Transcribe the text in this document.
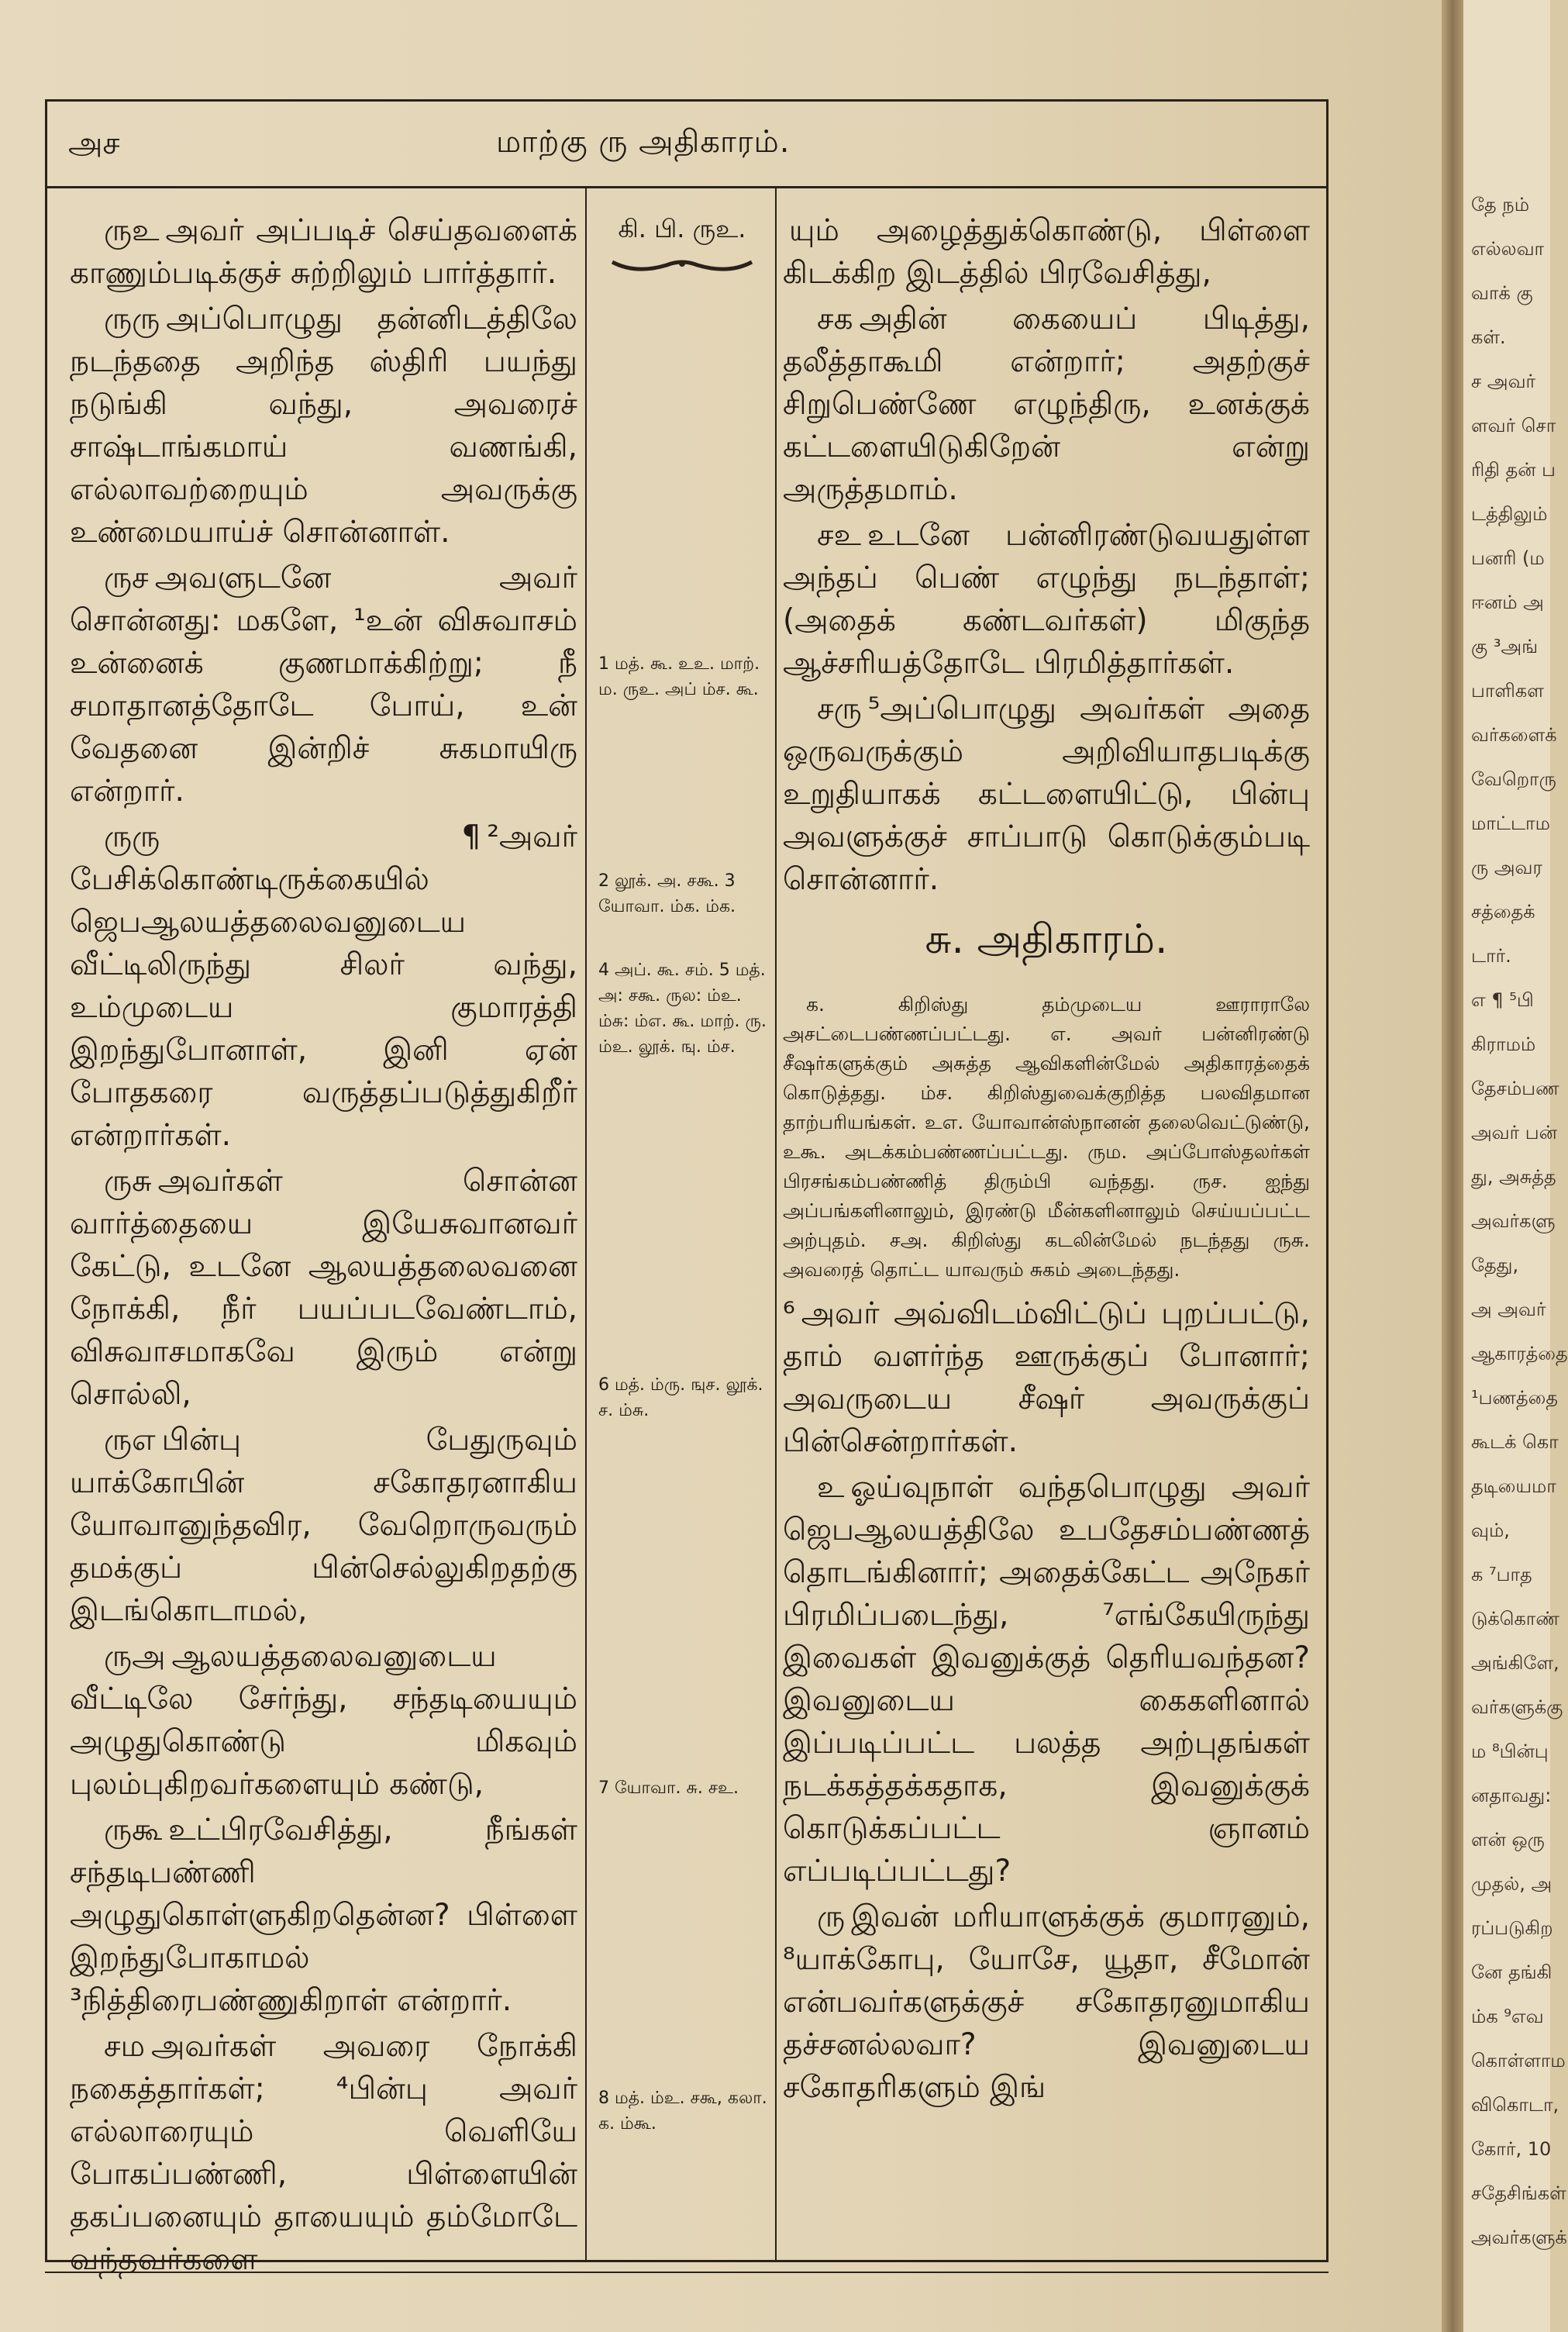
அச	மாற்கு ரு அதிகாரம்.

ருஉ அவர் அப்படிச் செய்தவளைக் காணும்படிக்குச் சுற்றிலும் பார்த்தார்.

ருரு அப்பொழுது தன்னிடத்திலே நடந்ததை அறிந்த ஸ்திரி பயந்து நடுங்கி வந்து, அவரைச் சாஷ்டாங்கமாய் வணங்கி, எல்லாவற்றையும் அவருக்கு உண்மையாய்ச் சொன்னாள்.

ருச அவளுடனே அவர் சொன்னது: மகளே, ¹உன் விசுவாசம் உன்னைக் குணமாக்கிற்று; நீ சமாதானத்தோடே போய், உன் வேதனை இன்றிச் சுகமாயிரு என்றார்.

ருரு ¶ ²அவர் பேசிக்கொண்டிருக்கையில் ஜெபஆலயத்தலைவனுடைய வீட்டிலிருந்து சிலர் வந்து, உம்முடைய குமாரத்தி இறந்துபோனாள், இனி ஏன் போதகரை வருத்தப்படுத்துகிறீர் என்றார்கள்.

ருசு அவர்கள் சொன்ன வார்த்தையை இயேசுவானவர் கேட்டு, உடனே ஆலயத்தலைவனை நோக்கி, நீர் பயப்படவேண்டாம், விசுவாசமாகவே இரும் என்று சொல்லி,

ருஎ பின்பு பேதுருவும் யாக்கோபின் சகோதரனாகிய யோவானுந்தவிர, வேறொருவரும் தமக்குப் பின்செல்லுகிறதற்கு இடங்கொடாமல்,

ருஅ ஆலயத்தலைவனுடைய வீட்டிலே சேர்ந்து, சந்தடியையும் அழுதுகொண்டு மிகவும் புலம்புகிறவர்களையும் கண்டு,

ருகூ உட்பிரவேசித்து, நீங்கள் சந்தடிபண்ணி அழுதுகொள்ளுகிறதென்ன? பிள்ளை இறந்துபோகாமல் ³நித்திரைபண்ணுகிறாள் என்றார்.

சம அவர்கள் அவரை நோக்கி நகைத்தார்கள்; ⁴பின்பு அவர் எல்லாரையும் வெளியே போகப்பண்ணி, பிள்ளையின் தகப்பனையும் தாயையும் தம்மோடே வந்தவர்களை

கி. பி. ருஉ.
1 மத். கூ. உஉ. மாற். ம. ருஉ. அப் ம்ச. கூ.
2 லூக். அ. சகூ. 3 யோவா. ம்க. ம்க.
4 அப். கூ. சம். 5 மத். அ: சகூ. ருல: ம்உ. ம்சு: ம்எ. கூ. மாற். ரு. ம்உ. லூக். ஙு. ம்ச.
6 மத். ம்ரு. ஙுச. லூக். ச. ம்சு.
7 யோவா. சு. சஉ.
8 மத். ம்உ. சகூ, கலா. க. ம்கூ.

யும் அழைத்துக்கொண்டு, பிள்ளை கிடக்கிற இடத்தில் பிரவேசித்து,

சக அதின் கையைப் பிடித்து, தலீத்தாகூமி என்றார்; அதற்குச் சிறுபெண்ணே எழுந்திரு, உனக்குக் கட்டளையிடுகிறேன் என்று அருத்தமாம்.

சஉ உடனே பன்னிரண்டுவயதுள்ள அந்தப் பெண் எழுந்து நடந்தாள்; (அதைக் கண்டவர்கள்) மிகுந்த ஆச்சரியத்தோடே பிரமித்தார்கள்.

சரு ⁵அப்பொழுது அவர்கள் அதை ஒருவருக்கும் அறிவியாதபடிக்கு உறுதியாகக் கட்டளையிட்டு, பின்பு அவளுக்குச் சாப்பாடு கொடுக்கும்படி சொன்னார்.

சு. அதிகாரம்.

க. கிறிஸ்து தம்முடைய ஊராராலே அசட்டைபண்ணப்பட்டது. எ. அவர் பன்னிரண்டு சீஷர்களுக்கும் அசுத்த ஆவிகளின்மேல் அதிகாரத்தைக் கொடுத்தது. ம்ச. கிறிஸ்துவைக்குறித்த பலவிதமான தாற்பரியங்கள். உஎ. யோவான்ஸ்நானன் தலைவெட்டுண்டு, உகூ. அடக்கம்பண்ணப்பட்டது. ரும. அப்போஸ்தலர்கள் பிரசங்கம்பண்ணித் திரும்பி வந்தது. ருச. ஐந்து அப்பங்களினாலும், இரண்டு மீன்களினாலும் செய்யப்பட்ட அற்புதம். சஅ. கிறிஸ்து கடலின்மேல் நடந்தது ருசு. அவரைத் தொட்ட யாவரும் சுகம் அடைந்தது.

⁶ அவர் அவ்விடம்விட்டுப் புறப்பட்டு, தாம் வளர்ந்த ஊருக்குப் போனார்; அவருடைய சீஷர் அவருக்குப் பின்சென்றார்கள்.

உ ஓய்வுநாள் வந்தபொழுது அவர் ஜெபஆலயத்திலே உபதேசம்பண்ணத் தொடங்கினார்; அதைக்கேட்ட அநேகர் பிரமிப்படைந்து, ⁷எங்கேயிருந்து இவைகள் இவனுக்குத் தெரியவந்தன? இவனுடைய கைகளினால் இப்படிப்பட்ட பலத்த அற்புதங்கள் நடக்கத்தக்கதாக, இவனுக்குக் கொடுக்கப்பட்ட ஞானம் எப்படிப்பட்டது?

ரு இவன் மரியாளுக்குக் குமாரனும், ⁸யாக்கோபு, யோசே, யூதா, சீமோன் என்பவர்களுக்குச் சகோதரனுமாகிய தச்சனல்லவா? இவனுடைய சகோதரிகளும் இங்

தே நம்
எல்லவா
வாக் கு
கள்.
ச அவர்
ளவர் சொ
ரிதி தன் ப
டத்திலும்
பனரி (ம
ஈனம் அ
கு ³அங்
பாளிகள
வர்களைக்
வேறொரு
மாட்டாம
ரு அவர
சத்தைக்
டார்.
எ ¶ ⁵பி
கிராமம்
தேசம்பண
அவர் பன்
து, அசுத்த
அவர்களு
தேது,
அ அவர்
ஆகாரத்தை
¹பணத்தை
கூடக் கொ
தடியைமா
வும்,
க ⁷பாத
டுக்கொண்
அங்கிளே,
வர்களுக்கு
ம ⁸பின்பு
னதாவது:
ளன் ஒரு
முதல், அ
ரப்படுகிற
னே தங்கி
ம்க ⁹எவ
கொள்ளாம
விகொடா,
கோர், 10
சதேசிங்கள்
அவர்களுக்
